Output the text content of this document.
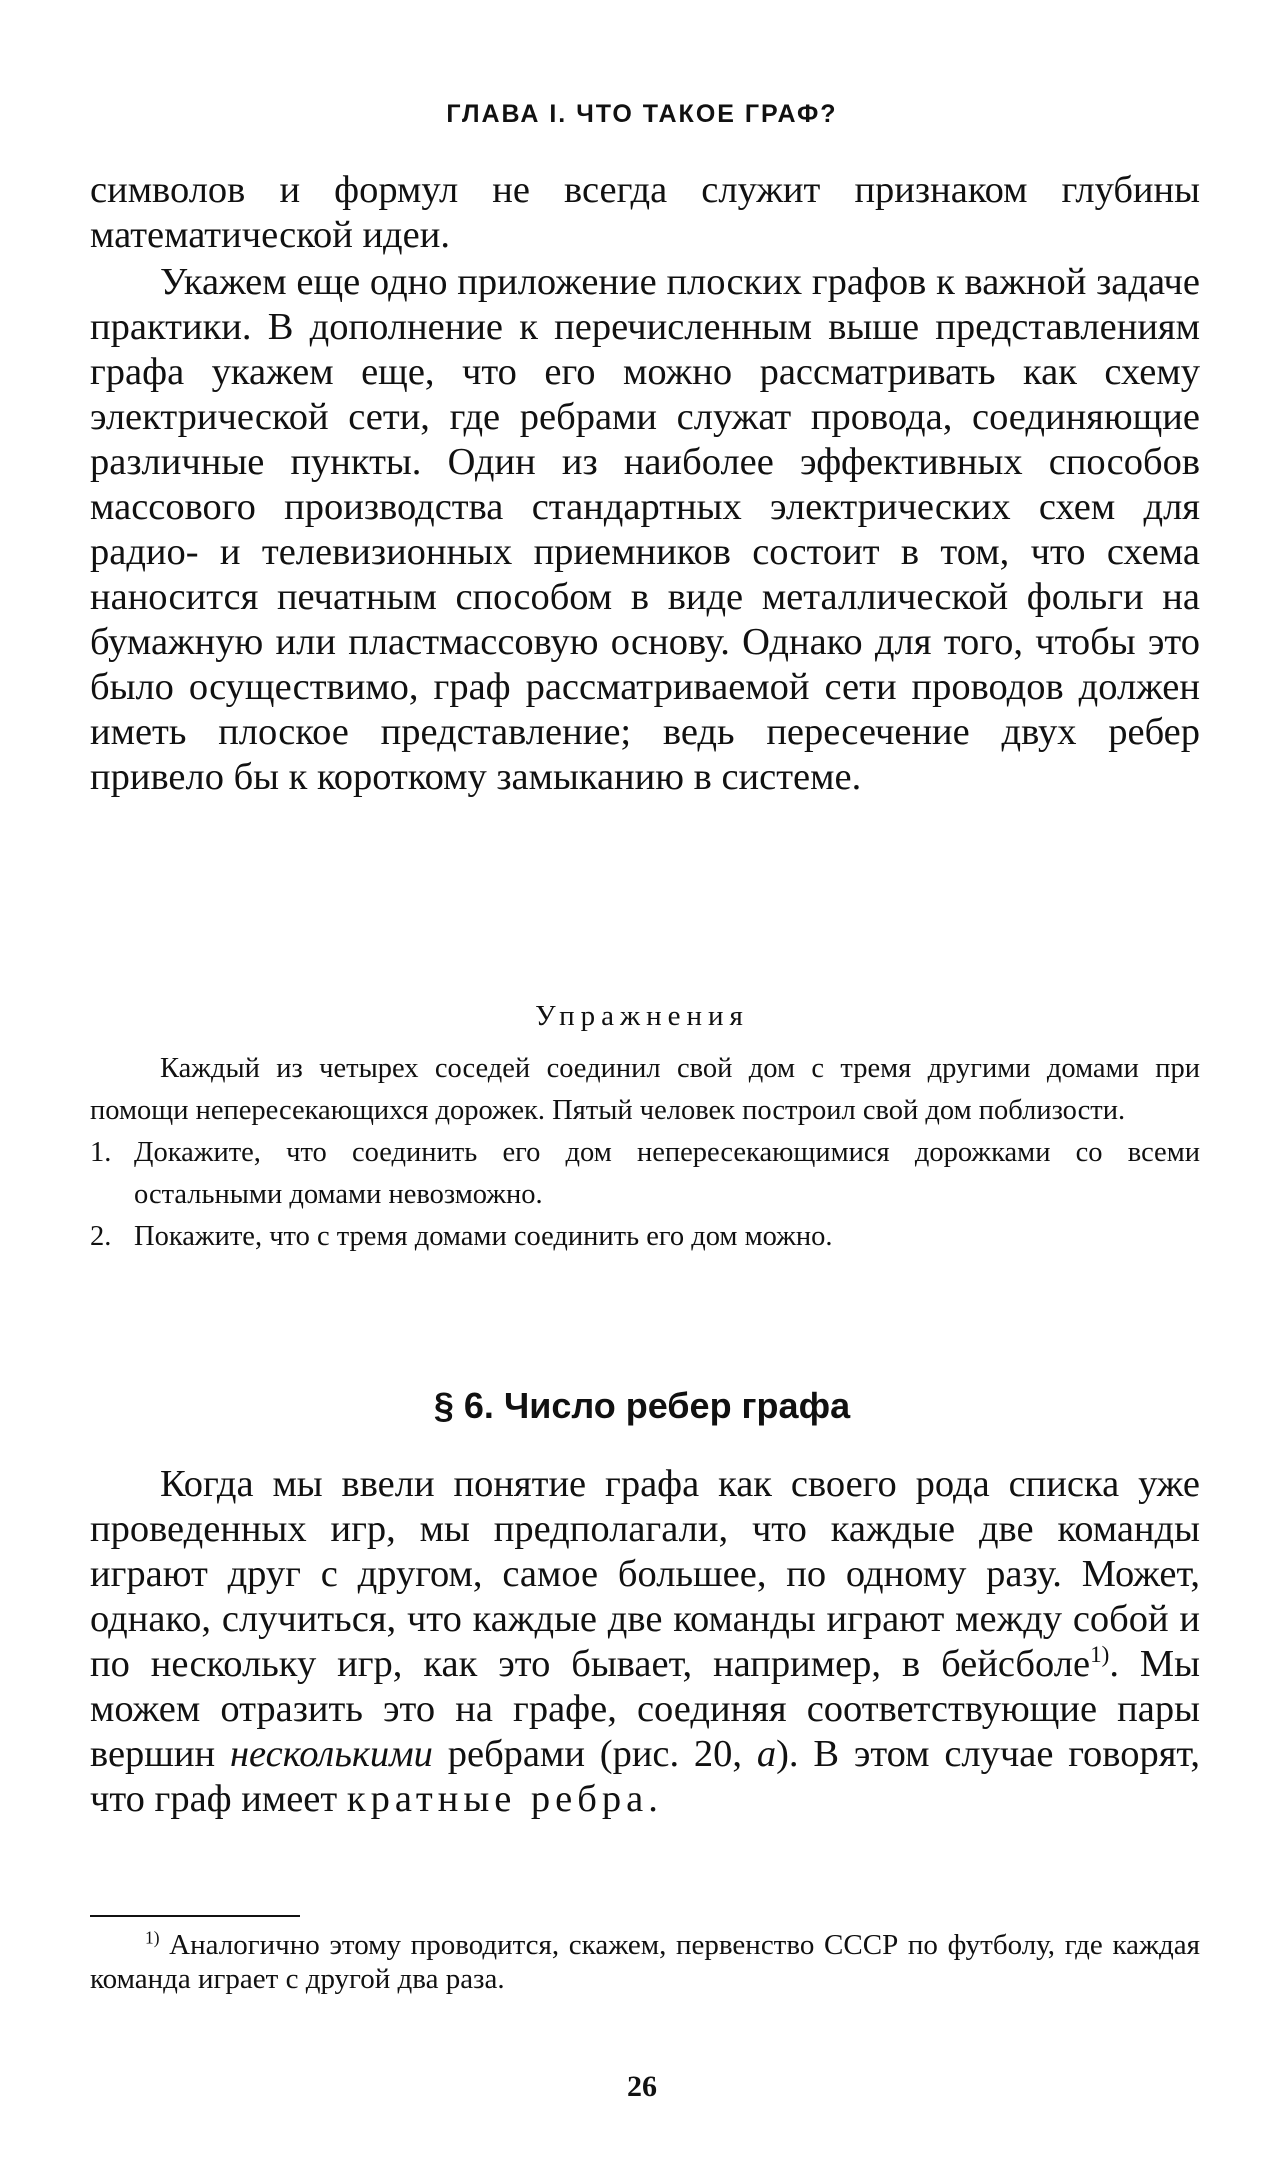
ГЛАВА I. ЧТО ТАКОЕ ГРАФ?

символов и формул не всегда служит признаком глубины математической идеи.

Укажем еще одно приложение плоских графов к важной задаче практики. В дополнение к перечисленным выше представлениям графа укажем еще, что его можно рассматривать как схему электрической сети, где ребрами служат провода, соединяющие различные пункты. Один из наиболее эффективных способов массового производства стандартных электрических схем для радио- и телевизионных приемников состоит в том, что схема наносится печатным способом в виде металлической фольги на бумажную или пластмассовую основу. Однако для того, чтобы это было осуществимо, граф рассматриваемой сети проводов должен иметь плоское представление; ведь пересечение двух ребер привело бы к короткому замыканию в системе.

Упражнения

Каждый из четырех соседей соединил свой дом с тремя другими домами при помощи непересекающихся дорожек. Пятый человек построил свой дом поблизости.

1. Докажите, что соединить его дом непересекающимися дорожками со всеми остальными домами невозможно.
2. Покажите, что с тремя домами соединить его дом можно.
§ 6. Число ребер графа

Когда мы ввели понятие графа как своего рода списка уже проведенных игр, мы предполагали, что каждые две команды играют друг с другом, самое большее, по одному разу. Может, однако, случиться, что каждые две команды играют между собой и по нескольку игр, как это бывает, например, в бейсболе$^{1)}$. Мы можем отразить это на графе, соединяя соответствующие пары вершин несколькими ребрами (рис. 20, a). В этом случае говорят, что граф имеет кратные ребра.

$^{1)}$ Аналогично этому проводится, скажем, первенство СССР по футболу, где каждая команда играет с другой два раза.

26
